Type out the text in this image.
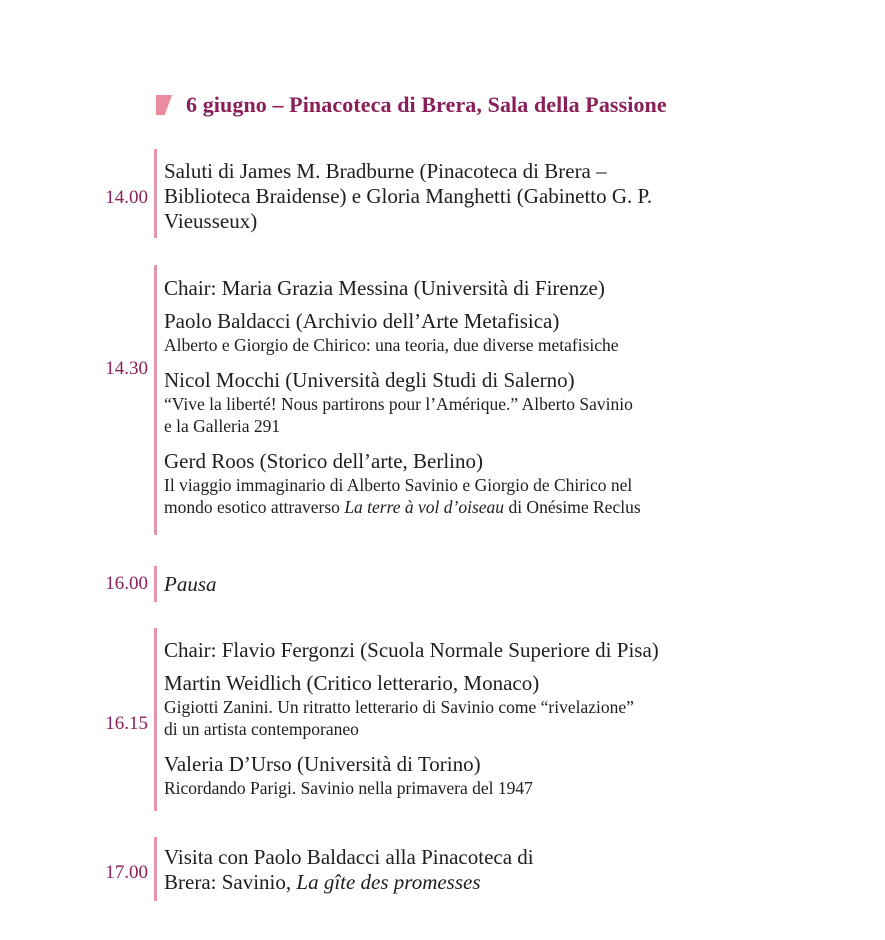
6 giugno – Pinacoteca di Brera, Sala della Passione
14.00
Saluti di James M. Bradburne (Pinacoteca di Brera –
Biblioteca Braidense) e Gloria Manghetti (Gabinetto G. P.
Vieusseux)
14.30
Chair: Maria Grazia Messina (Università di Firenze)
Paolo Baldacci (Archivio dell’Arte Metafisica)
Alberto e Giorgio de Chirico: una teoria, due diverse metafisiche
Nicol Mocchi (Università degli Studi di Salerno)
“Vive la liberté! Nous partirons pour l’Amérique.” Alberto Savinio
e la Galleria 291
Gerd Roos (Storico dell’arte, Berlino)
Il viaggio immaginario di Alberto Savinio e Giorgio de Chirico nel
mondo esotico attraverso La terre à vol d’oiseau di Onésime Reclus
16.00 Pausa
16.15
Chair: Flavio Fergonzi (Scuola Normale Superiore di Pisa)
Martin Weidlich (Critico letterario, Monaco)
Gigiotti Zanini. Un ritratto letterario di Savinio come “rivelazione”
di un artista contemporaneo
Valeria D’Urso (Università di Torino)
Ricordando Parigi. Savinio nella primavera del 1947
17.00
Visita con Paolo Baldacci alla Pinacoteca di
Brera: Savinio, La gîte des promesses
